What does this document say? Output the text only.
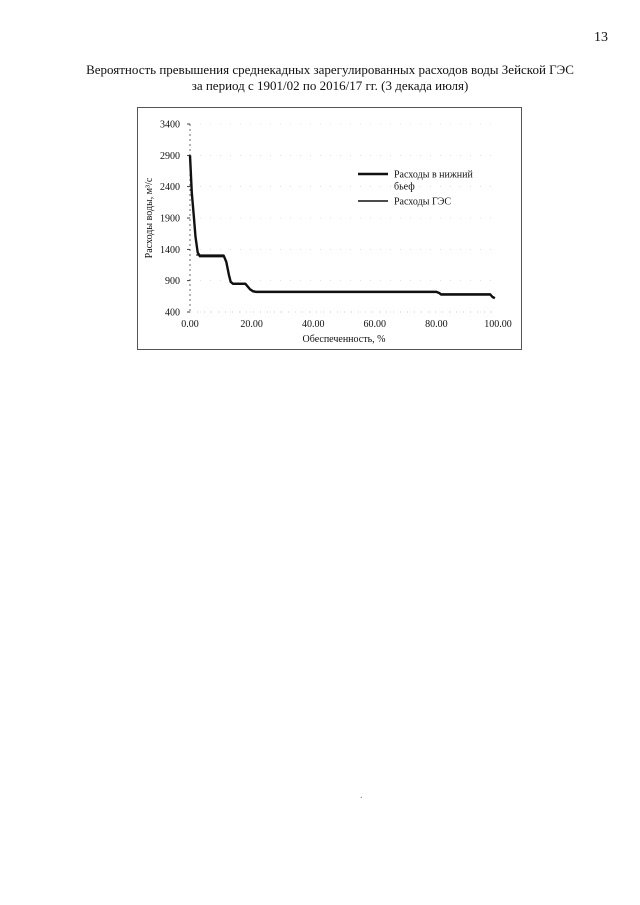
13
Вероятность превышения среднекадных зарегулированных расходов воды Зейской ГЭС
за период с 1901/02 по 2016/17 гг. (3 декада июля)
400
900
1400
1900
2400
2900
3400
0.00	20.00	40.00	60.00	80.00	100.00
Расходы в нижний бьеф
Расходы ГЭС
Расходы воды, м³/с
Обеспеченность, %
.
